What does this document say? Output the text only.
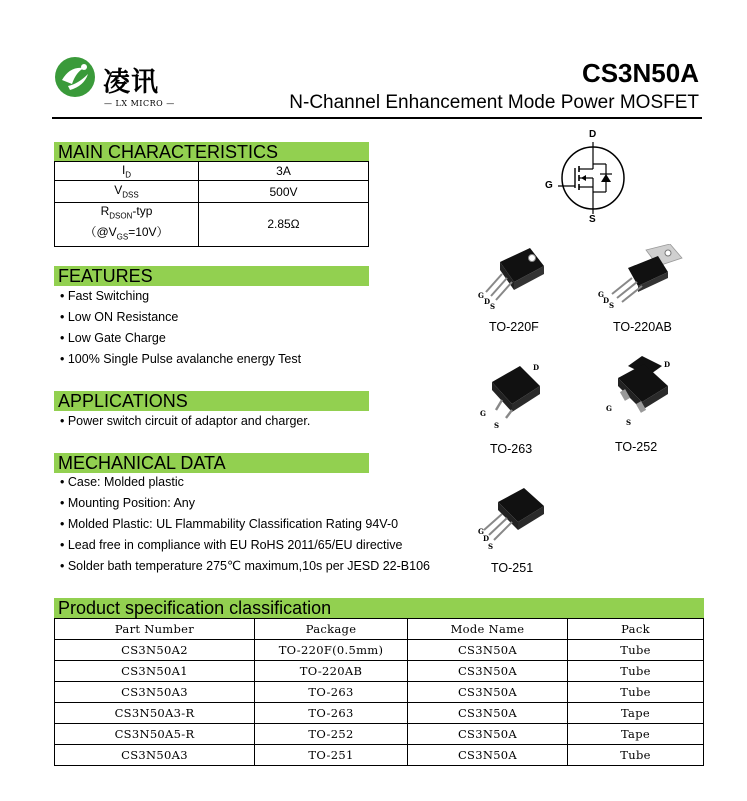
凌讯
— LX MICRO —
CS3N50A
N-Channel Enhancement Mode Power MOSFET
MAIN CHARACTERISTICS
$I_D$	3A
$V_{DSS}$	500V
$R_{DSON}$-typ
$(@V_{GS}=10V)$	2.85Ω
FEATURES
• Fast Switching
• Low ON Resistance
• Low Gate Charge
• 100% Single Pulse avalanche energy Test
APPLICATIONS
• Power switch circuit of adaptor and charger.
MECHANICAL DATA
• Case: Molded plastic
• Mounting Position: Any
• Molded Plastic: UL Flammability Classification Rating 94V-0
• Lead free in compliance with EU RoHS 2011/65/EU directive
• Solder bath temperature 275℃ maximum,10s per JESD 22-B106
D
G
S
G
D
S
TO-220F
G
D
S
TO-220AB
D
G
S
TO-263
D
G
S
TO-252
G
D
S
TO-251
Product specification classification
Part Number	Package	Mode Name	Pack
CS3N50A2	TO-220F(0.5mm)	CS3N50A	Tube
CS3N50A1	TO-220AB	CS3N50A	Tube
CS3N50A3	TO-263	CS3N50A	Tube
CS3N50A3-R	TO-263	CS3N50A	Tape
CS3N50A5-R	TO-252	CS3N50A	Tape
CS3N50A3	TO-251	CS3N50A	Tube
